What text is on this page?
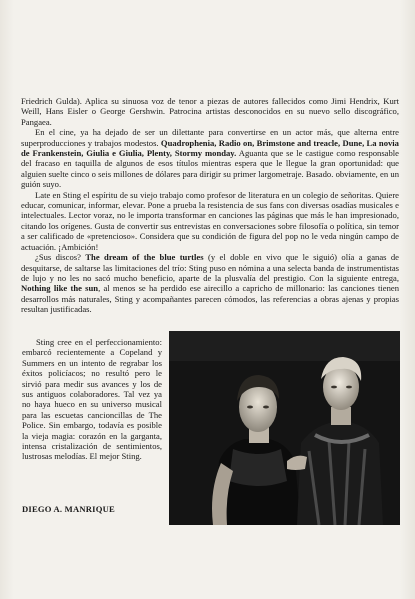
Friedrich Gulda). Aplica su sinuosa voz de tenor a piezas de autores fallecidos como Jimi Hendrix, Kurt Weill, Hans Eisler o George Gershwin. Patrocina artistas desconocidos en su nuevo sello discográfico, Pangaea.

En el cine, ya ha dejado de ser un dilettante para convertirse en un actor más, que alterna entre superproducciones y trabajos modestos. Quadrophenia, Radio on, Brimstone and treacle, Dune, La novia de Frankenstein, Giulia e Giulia, Plenty, Stormy monday. Aguanta que se le castigue como responsable del fracaso en taquilla de algunos de esos títulos mientras espera que le llegue la gran oportunidad: que alguien suelte cinco o seis millones de dólares para dirigir su primer largometraje. Basado. obviamente, en un guión suyo.

Late en Sting el espíritu de su viejo trabajo como profesor de literatura en un colegio de señoritas. Quiere educar, comunicar, informar, elevar. Pone a prueba la resistencia de sus fans con diversas osadías musicales e intelectuales. Lector voraz, no le importa transformar en canciones las páginas que más le han impresionado, citando los orígenes. Gusta de convertir sus entrevistas en conversaciones sobre filosofía o política, sin temor a ser calificado de «pretencioso». Considera que su condición de figura del pop no le veda ningún campo de actuación. ¡Ambición!

¿Sus discos? The dream of the blue turtles (y el doble en vivo que le siguió) olía a ganas de desquitarse, de saltarse las limitaciones del trío: Sting puso en nómina a una selecta banda de instrumentistas de lujo y no les no sacó mucho beneficio, aparte de la plusvalía del prestigio. Con la siguiente entrega, Nothing like the sun, al menos se ha perdido ese airecillo a capricho de millonario: las canciones tienen desarrollos más naturales, Sting y acompañantes parecen cómodos, las referencias a obras ajenas y propias resultan justificadas.

Sting cree en el perfeccionamiento: embarcó recientemente a Copeland y Summers en un intento de regrabar los éxitos policíacos; no resultó pero le sirvió para medir sus avances y los de sus antiguos colaboradores. Tal vez ya no haya hueco en su universo musical para las escuetas cancioncillas de The Police. Sin embargo, todavía es posible la vieja magia: corazón en la garganta, intensa cristalización de sentimientos, lustrosas melodías. El mejor Sting.

DIEGO A. MANRIQUE
